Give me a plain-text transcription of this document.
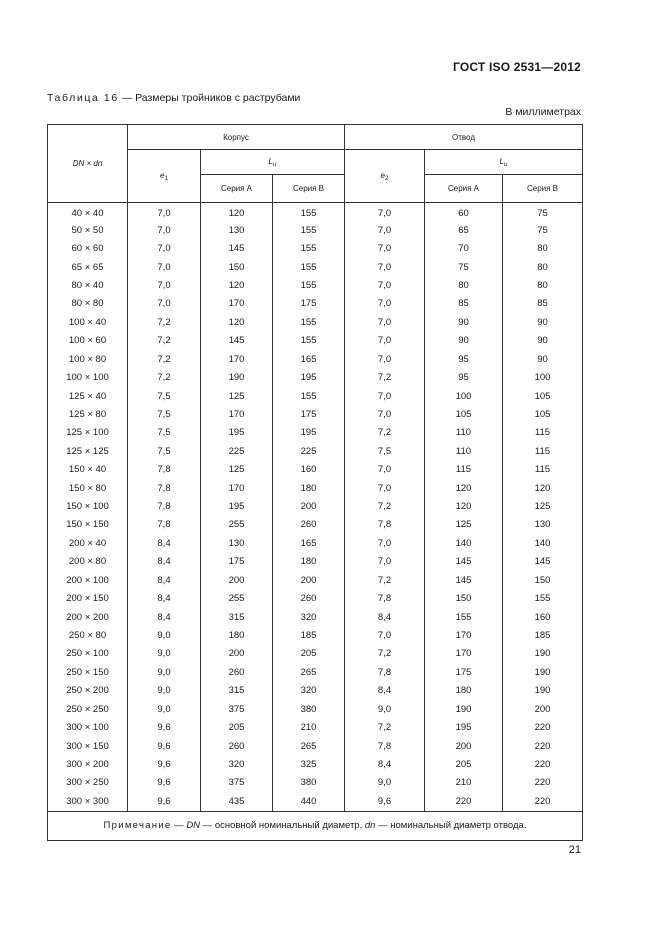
ГОСТ ISO 2531—2012
Таблица 16 — Размеры тройников с раструбами
В миллиметрах
DN × dn	Корпус			Отвод		
	$e_1$	$L_u$		$e_2$	$L_u$
		Серия А	Серия В		Серия А	Серия В
40 × 40	7,0	120	155	7,0	60	75
50 × 50	7,0	130	155	7,0	65	75
60 × 60	7,0	145	155	7,0	70	80
65 × 65	7,0	150	155	7,0	75	80
80 × 40	7,0	120	155	7,0	80	80
80 × 80	7,0	170	175	7,0	85	85
100 × 40	7,2	120	155	7,0	90	90
100 × 60	7,2	145	155	7,0	90	90
100 × 80	7,2	170	165	7,0	95	90
100 × 100	7,2	190	195	7,2	95	100
125 × 40	7,5	125	155	7,0	100	105
125 × 80	7,5	170	175	7,0	105	105
125 × 100	7,5	195	195	7,2	110	115
125 × 125	7,5	225	225	7,5	110	115
150 × 40	7,8	125	160	7,0	115	115
150 × 80	7,8	170	180	7,0	120	120
150 × 100	7,8	195	200	7,2	120	125
150 × 150	7,8	255	260	7,8	125	130
200 × 40	8,4	130	165	7,0	140	140
200 × 80	8,4	175	180	7,0	145	145
200 × 100	8,4	200	200	7,2	145	150
200 × 150	8,4	255	260	7,8	150	155
200 × 200	8,4	315	320	8,4	155	160
250 × 80	9,0	180	185	7,0	170	185
250 × 100	9,0	200	205	7,2	170	190
250 × 150	9,0	260	265	7,8	175	190
250 × 200	9,0	315	320	8,4	180	190
250 × 250	9,0	375	380	9,0	190	200
300 × 100	9,6	205	210	7,2	195	220
300 × 150	9,6	260	265	7,8	200	220
300 × 200	9,6	320	325	8,4	205	220
300 × 250	9,6	375	380	9,0	210	220
300 × 300	9,6	435	440	9,6	220	220
Примечание — DN — основной номинальный диаметр, dn — номинальный диаметр отвода.						
21
